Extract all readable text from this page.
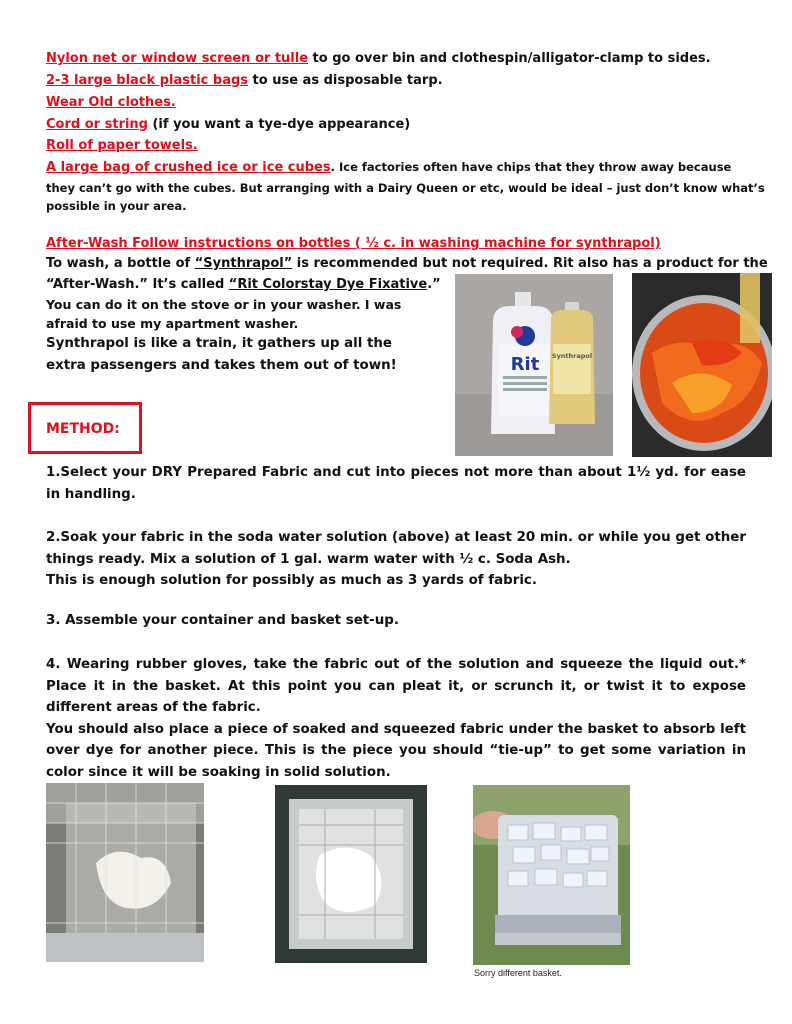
Nylon net or window screen or tulle to go over bin and clothespin/alligator-clamp to sides.
2-3 large black plastic bags to use as disposable tarp.
Wear Old clothes.
Cord or string (if you want a tye-dye appearance)
Roll of paper towels.
A large bag of crushed ice or ice cubes. Ice factories often have chips that they throw away because
they can’t go with the cubes. But arranging with a Dairy Queen or etc, would be ideal – just don’t know what’s
possible in your area.
After-Wash Follow instructions on bottles ( ½ c. in washing machine for synthrapol)
To wash, a bottle of “Synthrapol” is recommended but not required. Rit also has a product for the
“After-Wash.” It’s called “Rit Colorstay Dye Fixative.”
You can do it on the stove or in your washer. I was
afraid to use my apartment washer.
Synthrapol is like a train, it gathers up all the
extra passengers and takes them out of town!	Rit Synthrapol
METHOD:
1.Select your DRY Prepared Fabric and cut into pieces not more than about 1½ yd. for ease in handling.
2.Soak your fabric in the soda water solution (above) at least 20 min. or while you get other things ready. Mix a solution of 1 gal. warm water with ½ c. Soda Ash.
This is enough solution for possibly as much as 3 yards of fabric.
3. Assemble your container and basket set-up.
4. Wearing rubber gloves, take the fabric out of the solution and squeeze the liquid out.* Place it in the basket. At this point you can pleat it, or scrunch it, or twist it to expose different areas of the fabric.
You should also place a piece of soaked and squeezed fabric under the basket to absorb left over dye for another piece. This is the piece you should “tie-up” to get some variation in color since it will be soaking in solid solution.
Sorry different basket.
